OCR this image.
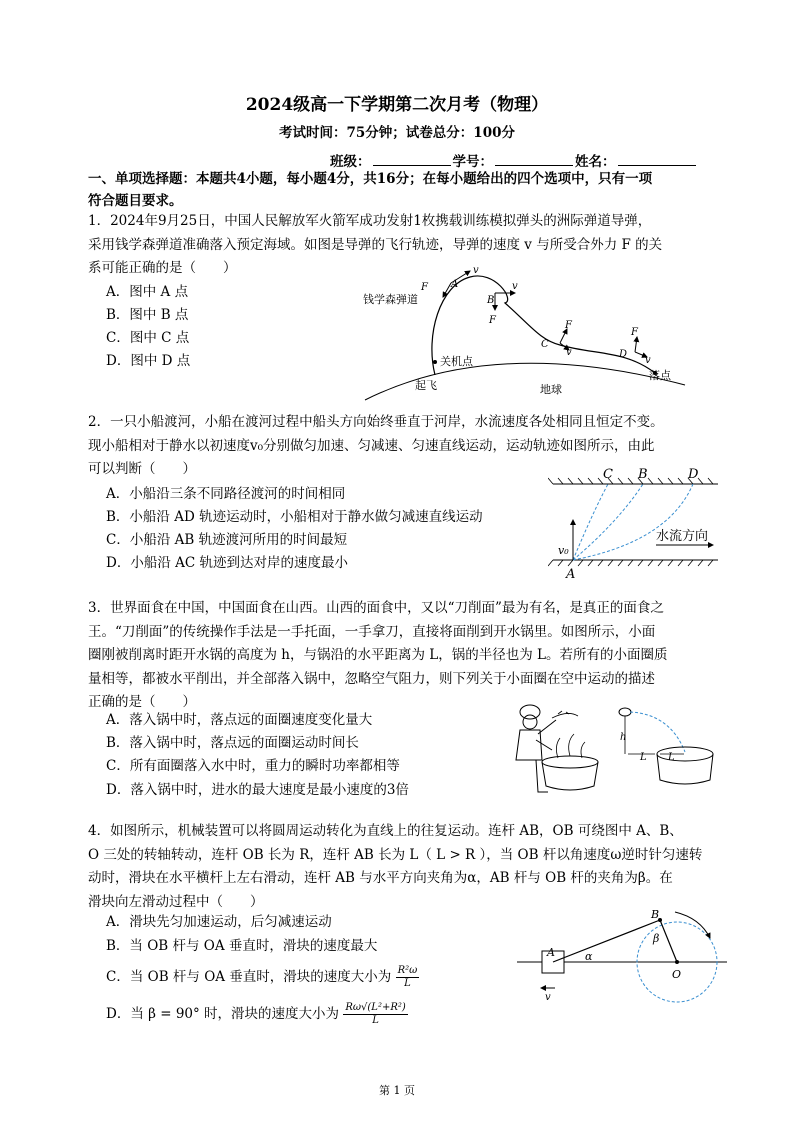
2024级高一下学期第二次月考（物理）
考试时间：75分钟；试卷总分：100分
班级：	学号：	姓名：
一、单项选择题：本题共4小题，每小题4分，共16分；在每小题给出的四个选项中，只有一项
符合题目要求。
1．2024年9月25日，中国人民解放军火箭军成功发射1枚携载训练模拟弹头的洲际弹道导弹，
采用钱学森弹道准确落入预定海域。如图是导弹的飞行轨迹，导弹的速度 v 与所受合外力 F 的关
系可能正确的是（　　）
A．图中 A 点
B．图中 B 点
C．图中 C 点
D．图中 D 点
钱学森弹道
关机点
起飞	地球
落点
F A
v
B
v
F
C
F
v	D
F
v
2．一只小船渡河，小船在渡河过程中船头方向始终垂直于河岸，水流速度各处相同且恒定不变。
现小船相对于静水以初速度v₀分别做匀加速、匀减速、匀速直线运动，运动轨迹如图所示，由此
可以判断（　　）
A．小船沿三条不同路径渡河的时间相同
B．小船沿 AD 轨迹运动时，小船相对于静水做匀减速直线运动
C．小船沿 AB 轨迹渡河所用的时间最短
D．小船沿 AC 轨迹到达对岸的速度最小
C B	D
A
v₀
水流方向
3．世界面食在中国，中国面食在山西。山西的面食中，又以“刀削面”最为有名，是真正的面食之
王。“刀削面”的传统操作手法是一手托面，一手拿刀，直接将面削到开水锅里。如图所示，小面
圈刚被削离时距开水锅的高度为 h，与锅沿的水平距离为 L，锅的半径也为 L。若所有的小面圈质
量相等，都被水平削出，并全部落入锅中，忽略空气阻力，则下列关于小面圈在空中运动的描述
正确的是（　　）
A．落入锅中时，落点远的面圈速度变化量大
B．落入锅中时，落点远的面圈运动时间长
C．所有面圈落入水中时，重力的瞬时功率都相等
D．落入锅中时，进水的最大速度是最小速度的3倍
h
L L
4．如图所示，机械装置可以将圆周运动转化为直线上的往复运动。连杆 AB，OB 可绕图中 A、B、
O 三处的转轴转动，连杆 OB 长为 R，连杆 AB 长为 L（ L > R ），当 OB 杆以角速度ω逆时针匀速转
动时，滑块在水平横杆上左右滑动，连杆 AB 与水平方向夹角为α，AB 杆与 OB 杆的夹角为β。在
滑块向左滑动过程中（　　）
A．滑块先匀加速运动，后匀减速运动
B．当 OB 杆与 OA 垂直时，滑块的速度最大
C．当 OB 杆与 OA 垂直时，滑块的速度大小为 $\frac{\text{R²ω}}{L}$
D．当 β = 90° 时，滑块的速度大小为 $\frac{\text{Rω√(L²+R²)}}{L}$
A
B
O
α
β
v
第 1 页
